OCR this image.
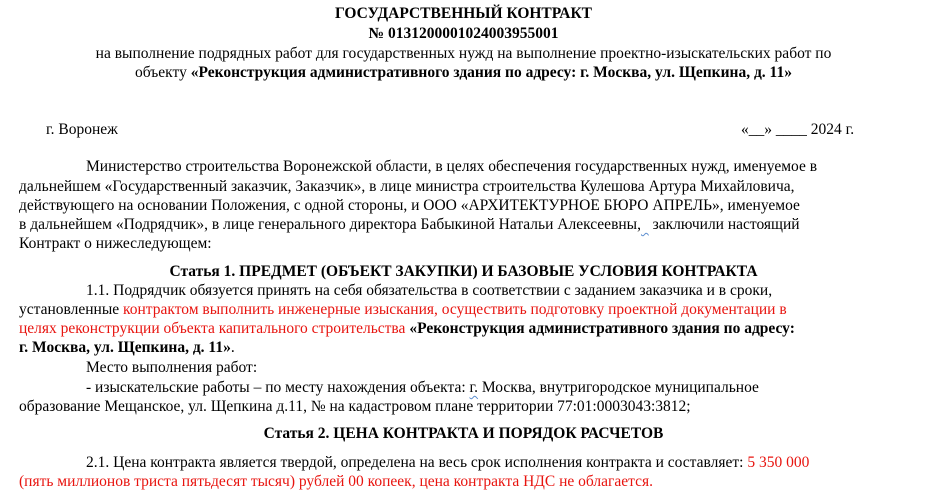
ГОСУДАРСТВЕННЫЙ КОНТРАКТ
№ 0131200001024003955001
на выполнение подрядных работ для государственных нужд на выполнение проектно-изыскательских работ по
объекту «Реконструкция административного здания по адресу: г. Москва, ул. Щепкина, д. 11»
г. Воронеж	«__» ____ 2024 г.
Министерство строительства Воронежской области, в целях обеспечения государственных нужд, именуемое в
дальнейшем «Государственный заказчик, Заказчик», в лице министра строительства Кулешова Артура Михайловича,
действующего на основании Положения, с одной стороны, и ООО «АРХИТЕКТУРНОЕ БЮРО АПРЕЛЬ», именуемое
в дальнейшем «Подрядчик», в лице генерального директора Бабыкиной Натальи Алексеевны,   заключили настоящий
Контракт о нижеследующем:
Статья 1. ПРЕДМЕТ (ОБЪЕКТ ЗАКУПКИ) И БАЗОВЫЕ УСЛОВИЯ КОНТРАКТА
1.1. Подрядчик обязуется принять на себя обязательства в соответствии с заданием заказчика и в сроки,
установленные контрактом выполнить инженерные изыскания, осуществить подготовку проектной документации в
целях реконструкции объекта капитального строительства «Реконструкция административного здания по адресу:
г. Москва, ул. Щепкина, д. 11».
Место выполнения работ:
- изыскательские работы – по месту нахождения объекта: г. Москва, внутригородское муниципальное
образование Мещанское, ул. Щепкина д.11, № на кадастровом плане территории 77:01:0003043:3812;
Статья 2. ЦЕНА КОНТРАКТА И ПОРЯДОК РАСЧЕТОВ
2.1. Цена контракта является твердой, определена на весь срок исполнения контракта и составляет: 5 350 000
(пять миллионов триста пятьдесят тысяч) рублей 00 копеек, цена контракта НДС не облагается.
